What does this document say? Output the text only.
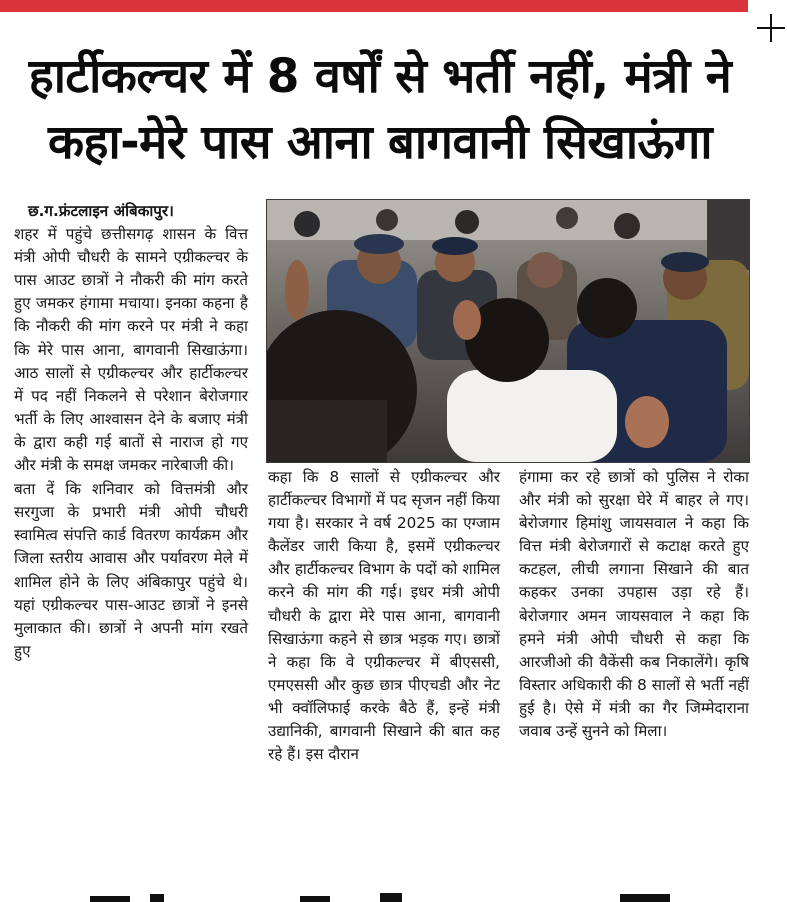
हार्टीकल्चर में 8 वर्षों से भर्ती नहीं, मंत्री ने
कहा-मेरे पास आना बागवानी सिखाऊंगा

छ.ग.फ्रंटलाइन अंबिकापुर।

शहर में पहुंचे छत्तीसगढ़ शासन के वित्त मंत्री ओपी चौधरी के सामने एग्रीकल्चर के पास आउट छात्रों ने नौकरी की मांग करते हुए जमकर हंगामा मचाया। इनका कहना है कि नौकरी की मांग करने पर मंत्री ने कहा कि मेरे पास आना, बागवानी सिखाऊंगा। आठ सालों से एग्रीकल्चर और हार्टीकल्चर में पद नहीं निकलने से परेशान बेरोजगार भर्ती के लिए आश्वासन देने के बजाए मंत्री के द्वारा कही गई बातों से नाराज हो गए और मंत्री के समक्ष जमकर नारेबाजी की।

बता दें कि शनिवार को वित्तमंत्री और सरगुजा के प्रभारी मंत्री ओपी चौधरी स्वामित्व संपत्ति कार्ड वितरण कार्यक्रम और जिला स्तरीय आवास और पर्यावरण मेले में शामिल होने के लिए अंबिकापुर पहुंचे थे। यहां एग्रीकल्चर पास-आउट छात्रों ने इनसे मुलाकात की। छात्रों ने अपनी मांग रखते हुए

कहा कि 8 सालों से एग्रीकल्चर और हार्टीकल्चर विभागों में पद सृजन नहीं किया गया है। सरकार ने वर्ष 2025 का एग्जाम कैलेंडर जारी किया है, इसमें एग्रीकल्चर और हार्टीकल्चर विभाग के पदों को शामिल करने की मांग की गई। इधर मंत्री ओपी चौधरी के द्वारा मेरे पास आना, बागवानी सिखाऊंगा कहने से छात्र भड़क गए। छात्रों ने कहा कि वे एग्रीकल्चर में बीएससी, एमएससी और कुछ छात्र पीएचडी और नेट भी क्वॉलिफाई करके बैठे हैं, इन्हें मंत्री उद्यानिकी, बागवानी सिखाने की बात कह रहे हैं। इस दौरान

हंगामा कर रहे छात्रों को पुलिस ने रोका और मंत्री को सुरक्षा घेरे में बाहर ले गए। बेरोजगार हिमांशु जायसवाल ने कहा कि वित्त मंत्री बेरोजगारों से कटाक्ष करते हुए कटहल, लीची लगाना सिखाने की बात कहकर उनका उपहास उड़ा रहे हैं। बेरोजगार अमन जायसवाल ने कहा कि हमने मंत्री ओपी चौधरी से कहा कि आरजीओ की वैकेंसी कब निकालेंगे। कृषि विस्तार अधिकारी की 8 सालों से भर्ती नहीं हुई है। ऐसे में मंत्री का गैर जिम्मेदाराना जवाब उन्हें सुनने को मिला।
